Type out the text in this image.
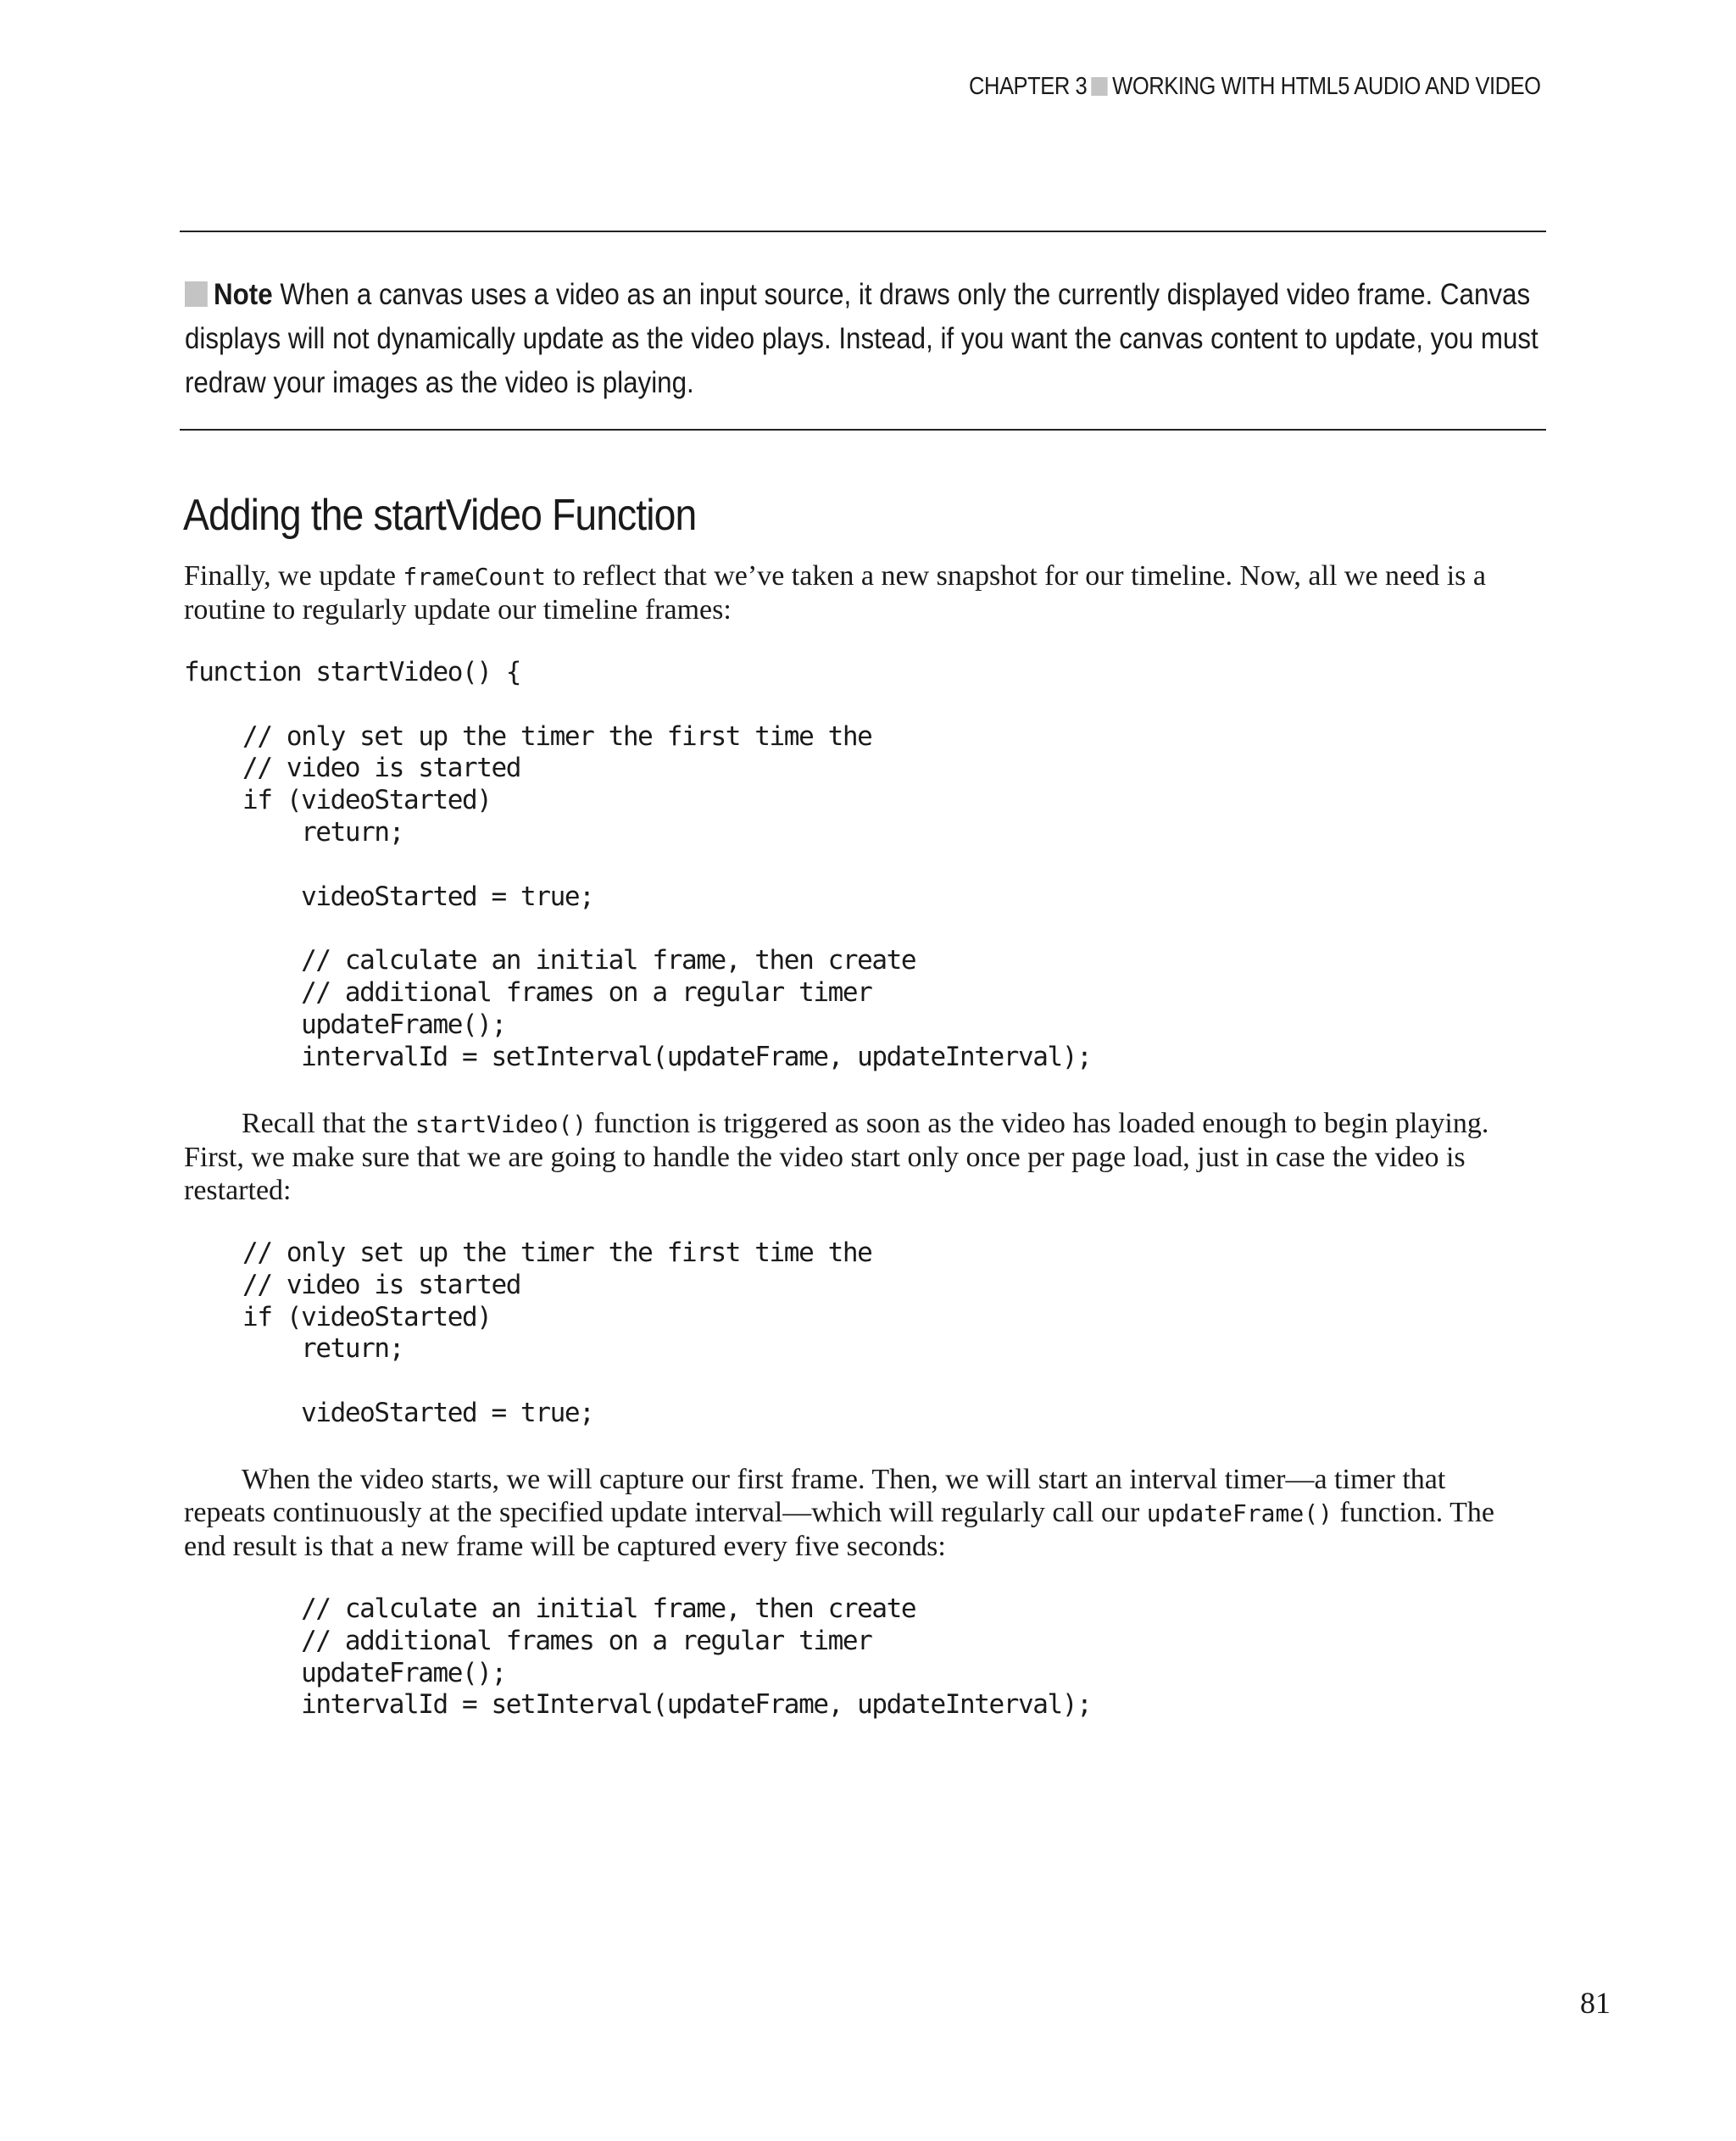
CHAPTER 3 WORKING WITH HTML5 AUDIO AND VIDEO
Note When a canvas uses a video as an input source, it draws only the currently displayed video frame. Canvas displays will not dynamically update as the video plays. Instead, if you want the canvas content to update, you must redraw your images as the video is playing.
Adding the startVideo Function

Finally, we update frameCount to reflect that we’ve taken a new snapshot for our timeline. Now, all we need is a routine to regularly update our timeline frames:

function startVideo() {

// only set up the timer the first time the
// video is started
if (videoStarted)
return;

videoStarted = true;

// calculate an initial frame, then create
// additional frames on a regular timer
updateFrame();
intervalId = setInterval(updateFrame, updateInterval);

Recall that the startVideo() function is triggered as soon as the video has loaded enough to begin playing. First, we make sure that we are going to handle the video start only once per page load, just in case the video is restarted:

// only set up the timer the first time the
// video is started
if (videoStarted)
return;

videoStarted = true;

When the video starts, we will capture our first frame. Then, we will start an interval timer—a timer that repeats continuously at the specified update interval—which will regularly call our updateFrame() function. The end result is that a new frame will be captured every five seconds:

// calculate an initial frame, then create
// additional frames on a regular timer
updateFrame();
intervalId = setInterval(updateFrame, updateInterval);
81
